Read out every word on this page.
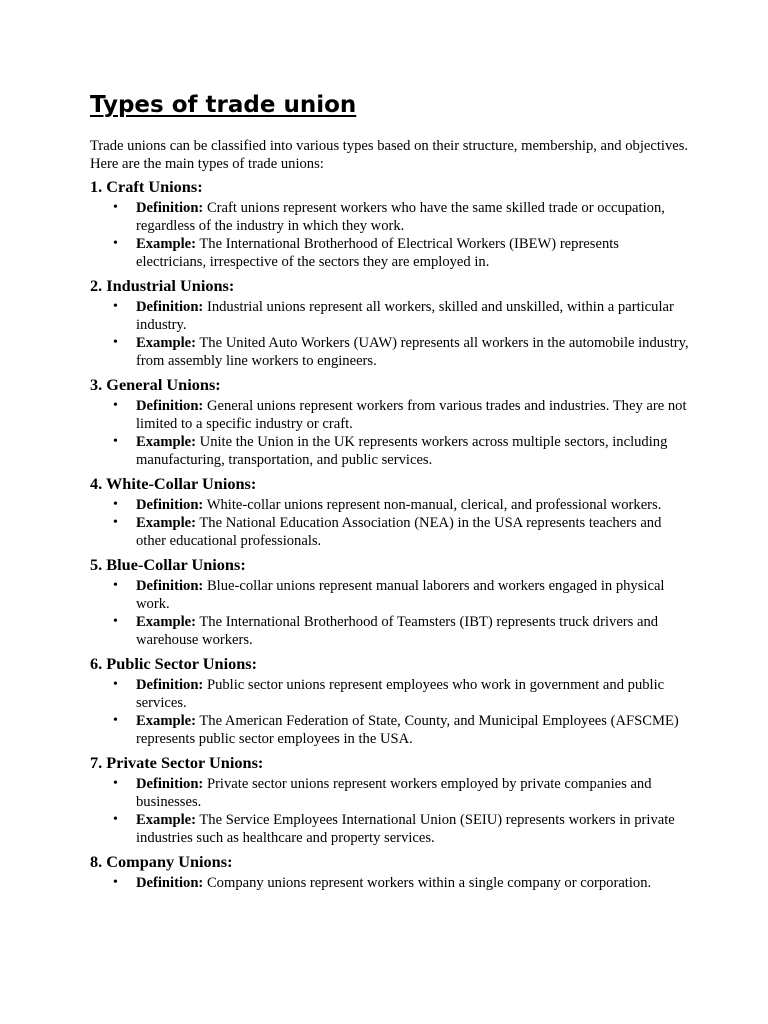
Types of trade union

Trade unions can be classified into various types based on their structure, membership, and objectives. Here are the main types of trade unions:

1. Craft Unions:
• Definition: Craft unions represent workers who have the same skilled trade or occupation, regardless of the industry in which they work.
• Example: The International Brotherhood of Electrical Workers (IBEW) represents electricians, irrespective of the sectors they are employed in.
2. Industrial Unions:
• Definition: Industrial unions represent all workers, skilled and unskilled, within a particular industry.
• Example: The United Auto Workers (UAW) represents all workers in the automobile industry, from assembly line workers to engineers.
3. General Unions:
• Definition: General unions represent workers from various trades and industries. They are not limited to a specific industry or craft.
• Example: Unite the Union in the UK represents workers across multiple sectors, including manufacturing, transportation, and public services.
4. White-Collar Unions:
• Definition: White-collar unions represent non-manual, clerical, and professional workers.
• Example: The National Education Association (NEA) in the USA represents teachers and other educational professionals.
5. Blue-Collar Unions:
• Definition: Blue-collar unions represent manual laborers and workers engaged in physical work.
• Example: The International Brotherhood of Teamsters (IBT) represents truck drivers and warehouse workers.
6. Public Sector Unions:
• Definition: Public sector unions represent employees who work in government and public services.
• Example: The American Federation of State, County, and Municipal Employees (AFSCME) represents public sector employees in the USA.
7. Private Sector Unions:
• Definition: Private sector unions represent workers employed by private companies and businesses.
• Example: The Service Employees International Union (SEIU) represents workers in private industries such as healthcare and property services.
8. Company Unions:
• Definition: Company unions represent workers within a single company or corporation.
